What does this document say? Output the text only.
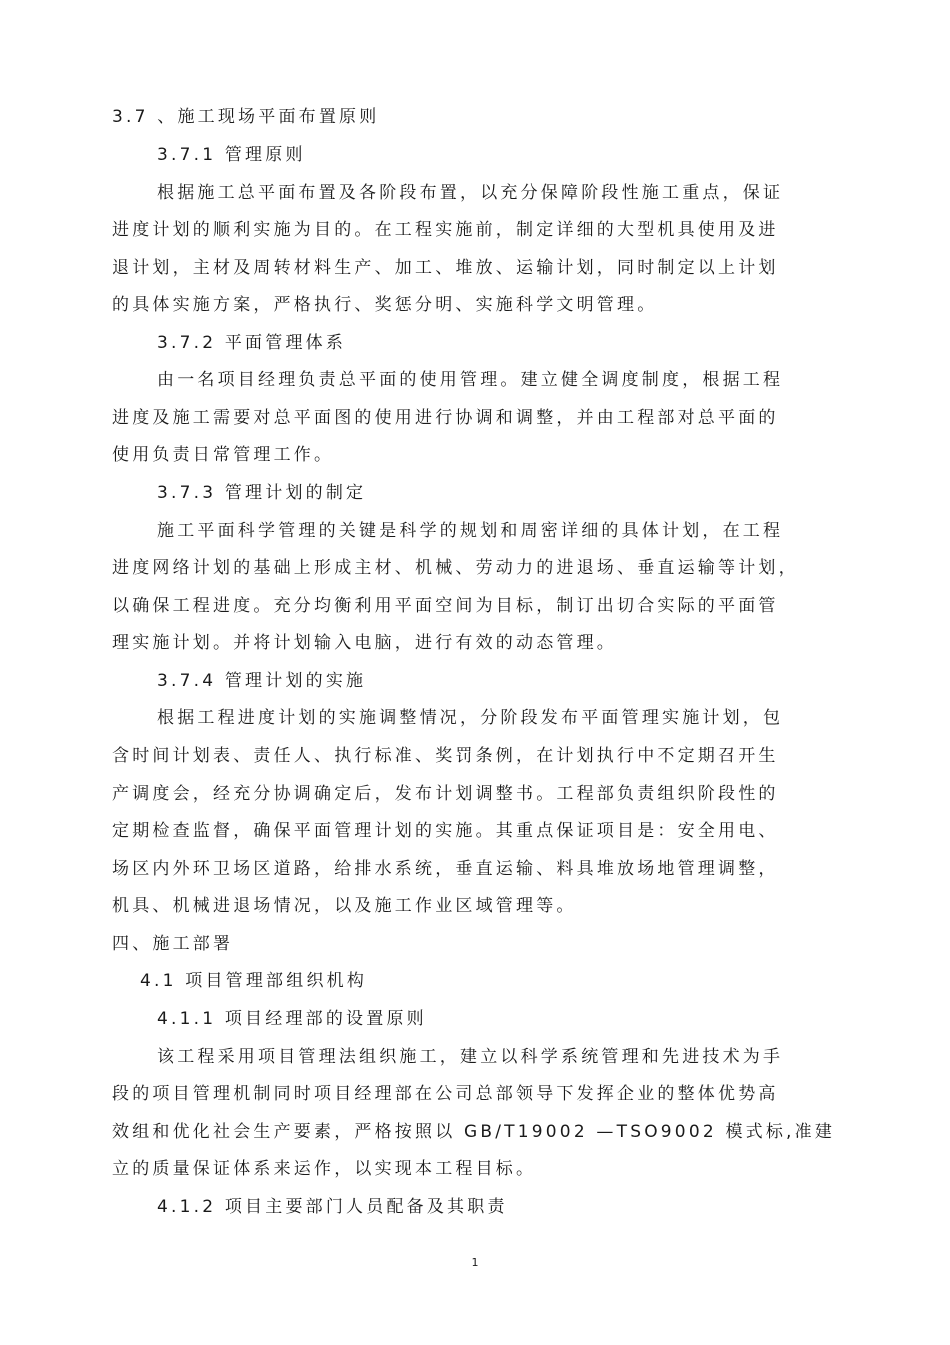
3.7 、施工现场平面布置原则
3.7.1 管理原则
根据施工总平面布置及各阶段布置，以充分保障阶段性施工重点，保证
进度计划的顺利实施为目的。在工程实施前，制定详细的大型机具使用及进
退计划，主材及周转材料生产、加工、堆放、运输计划，同时制定以上计划
的具体实施方案，严格执行、奖惩分明、实施科学文明管理。
3.7.2 平面管理体系
由一名项目经理负责总平面的使用管理。建立健全调度制度，根据工程
进度及施工需要对总平面图的使用进行协调和调整，并由工程部对总平面的
使用负责日常管理工作。
3.7.3 管理计划的制定
施工平面科学管理的关键是科学的规划和周密详细的具体计划，在工程
进度网络计划的基础上形成主材、机械、劳动力的进退场、垂直运输等计划，
以确保工程进度。充分均衡利用平面空间为目标，制订出切合实际的平面管
理实施计划。并将计划输入电脑，进行有效的动态管理。
3.7.4 管理计划的实施
根据工程进度计划的实施调整情况，分阶段发布平面管理实施计划，包
含时间计划表、责任人、执行标准、奖罚条例，在计划执行中不定期召开生
产调度会，经充分协调确定后，发布计划调整书。工程部负责组织阶段性的
定期检查监督，确保平面管理计划的实施。其重点保证项目是：安全用电、
场区内外环卫场区道路，给排水系统，垂直运输、料具堆放场地管理调整，
机具、机械进退场情况，以及施工作业区域管理等。
四、施工部署
4.1 项目管理部组织机构
4.1.1 项目经理部的设置原则
该工程采用项目管理法组织施工，建立以科学系统管理和先进技术为手
段的项目管理机制同时项目经理部在公司总部领导下发挥企业的整体优势高
效组和优化社会生产要素，严格按照以 GB/T19002 —TSO9002 模式标,准建
立的质量保证体系来运作，以实现本工程目标。
4.1.2 项目主要部门人员配备及其职责
1
